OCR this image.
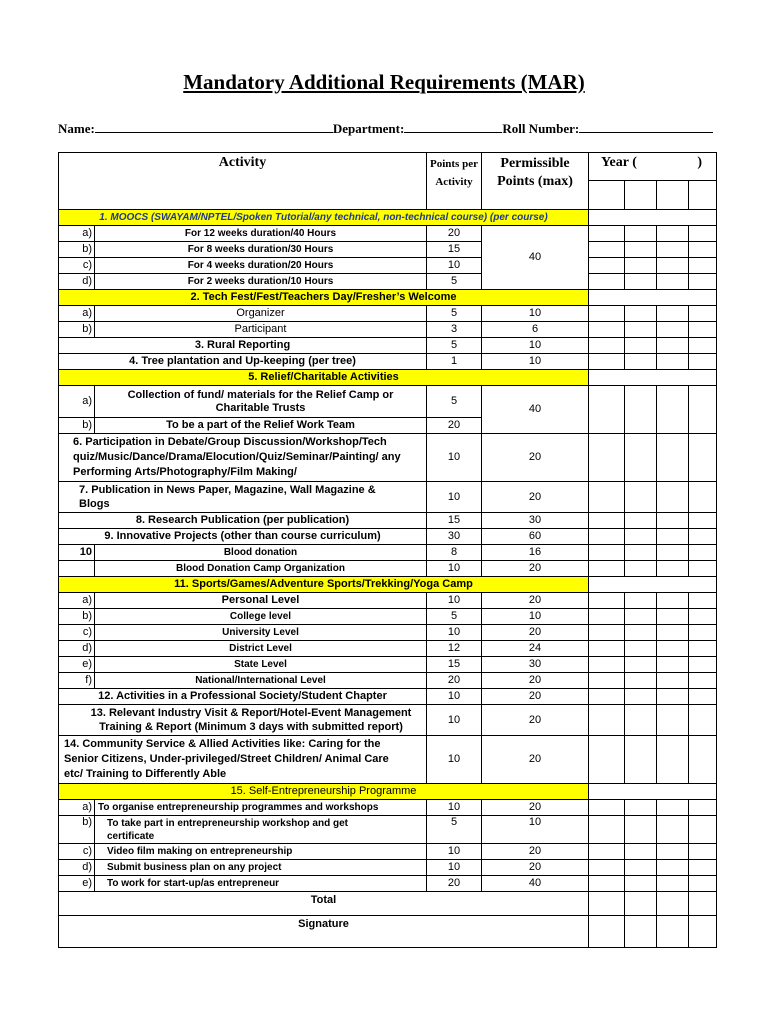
Mandatory Additional Requirements (MAR)
Name:	Department:	Roll Number:
Activity		Points per Activity	Permissible Points (max)	Year ( )			

1. MOOCS (SWAYAM/NPTEL/Spoken Tutorial/any technical, non-technical course) (per course)							
a)	For 12 weeks duration/40 Hours	20	40				
b)	For 8 weeks duration/30 Hours	15					
c)	For 4 weeks duration/20 Hours	10					
d)	For 2 weeks duration/10 Hours	5					
2. Tech Fest/Fest/Teachers Day/Fresher’s Welcome							
a)	Organizer	5	10				
b)	Participant	3	6				
3. Rural Reporting		5	10				
4. Tree plantation and Up-keeping (per tree)		1	10				
5. Relief/Charitable Activities							
a)	Collection of fund/ materials for the Relief Camp or Charitable Trusts	5	40				
b)	To be a part of the Relief Work Team	20					
6. Participation in Debate/Group Discussion/Workshop/Tech quiz/Music/Dance/Drama/Elocution/Quiz/Seminar/Painting/ any Performing Arts/Photography/Film Making/		10	20				
7. Publication in News Paper, Magazine, Wall Magazine & Blogs		10	20				
8. Research Publication (per publication)		15	30				
9. Innovative Projects (other than course curriculum)		30	60				
10	Blood donation	8	16				
	Blood Donation Camp Organization	10	20				
11. Sports/Games/Adventure Sports/Trekking/Yoga Camp							
a)	Personal Level	10	20				
b)	College level	5	10				
c)	University Level	10	20				
d)	District Level	12	24				
e)	State Level	15	30				
f)	National/International Level	20	20				
12. Activities in a Professional Society/Student Chapter		10	20				
13. Relevant Industry Visit & Report/Hotel-Event Management Training & Report (Minimum 3 days with submitted report)		10	20				
14. Community Service & Allied Activities like: Caring for the Senior Citizens, Under-privileged/Street Children/ Animal Care etc/ Training to Differently Able		10	20				
15. Self-Entrepreneurship Programme							
a)	To organise entrepreneurship programmes and workshops	10	20				
b)	To take part in entrepreneurship workshop and get certificate	5	10				
c)	Video film making on entrepreneurship	10	20				
d)	Submit business plan on any project	10	20				
e)	To work for start-up/as entrepreneur	20	40				
Total							
Signature							
